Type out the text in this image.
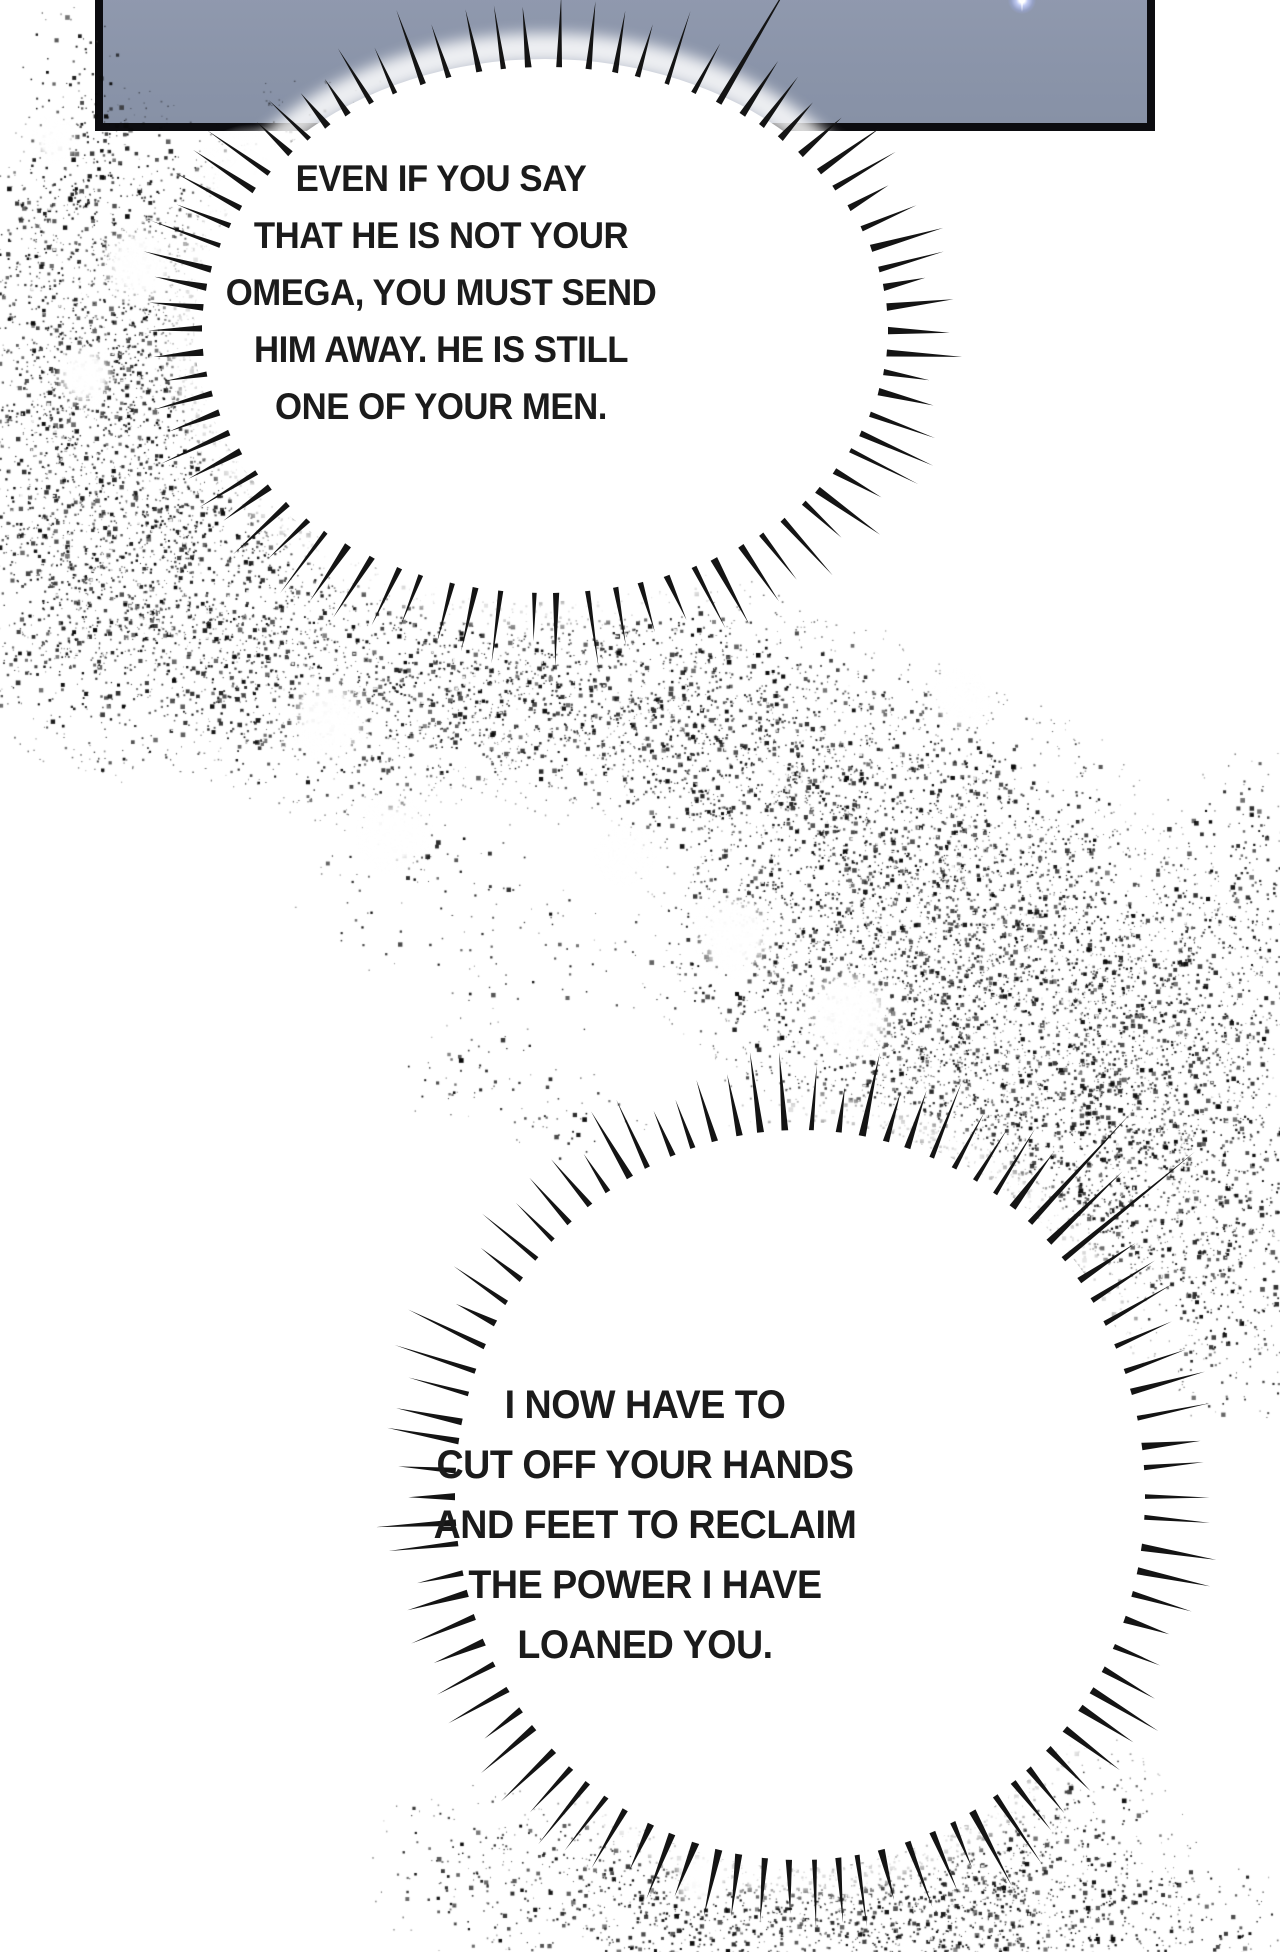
EVEN IF YOU SAY
THAT HE IS NOT YOUR
OMEGA, YOU MUST SEND
HIM AWAY. HE IS STILL
ONE OF YOUR MEN.
I NOW HAVE TO
CUT OFF YOUR HANDS
AND FEET TO RECLAIM
THE POWER I HAVE
LOANED YOU.
